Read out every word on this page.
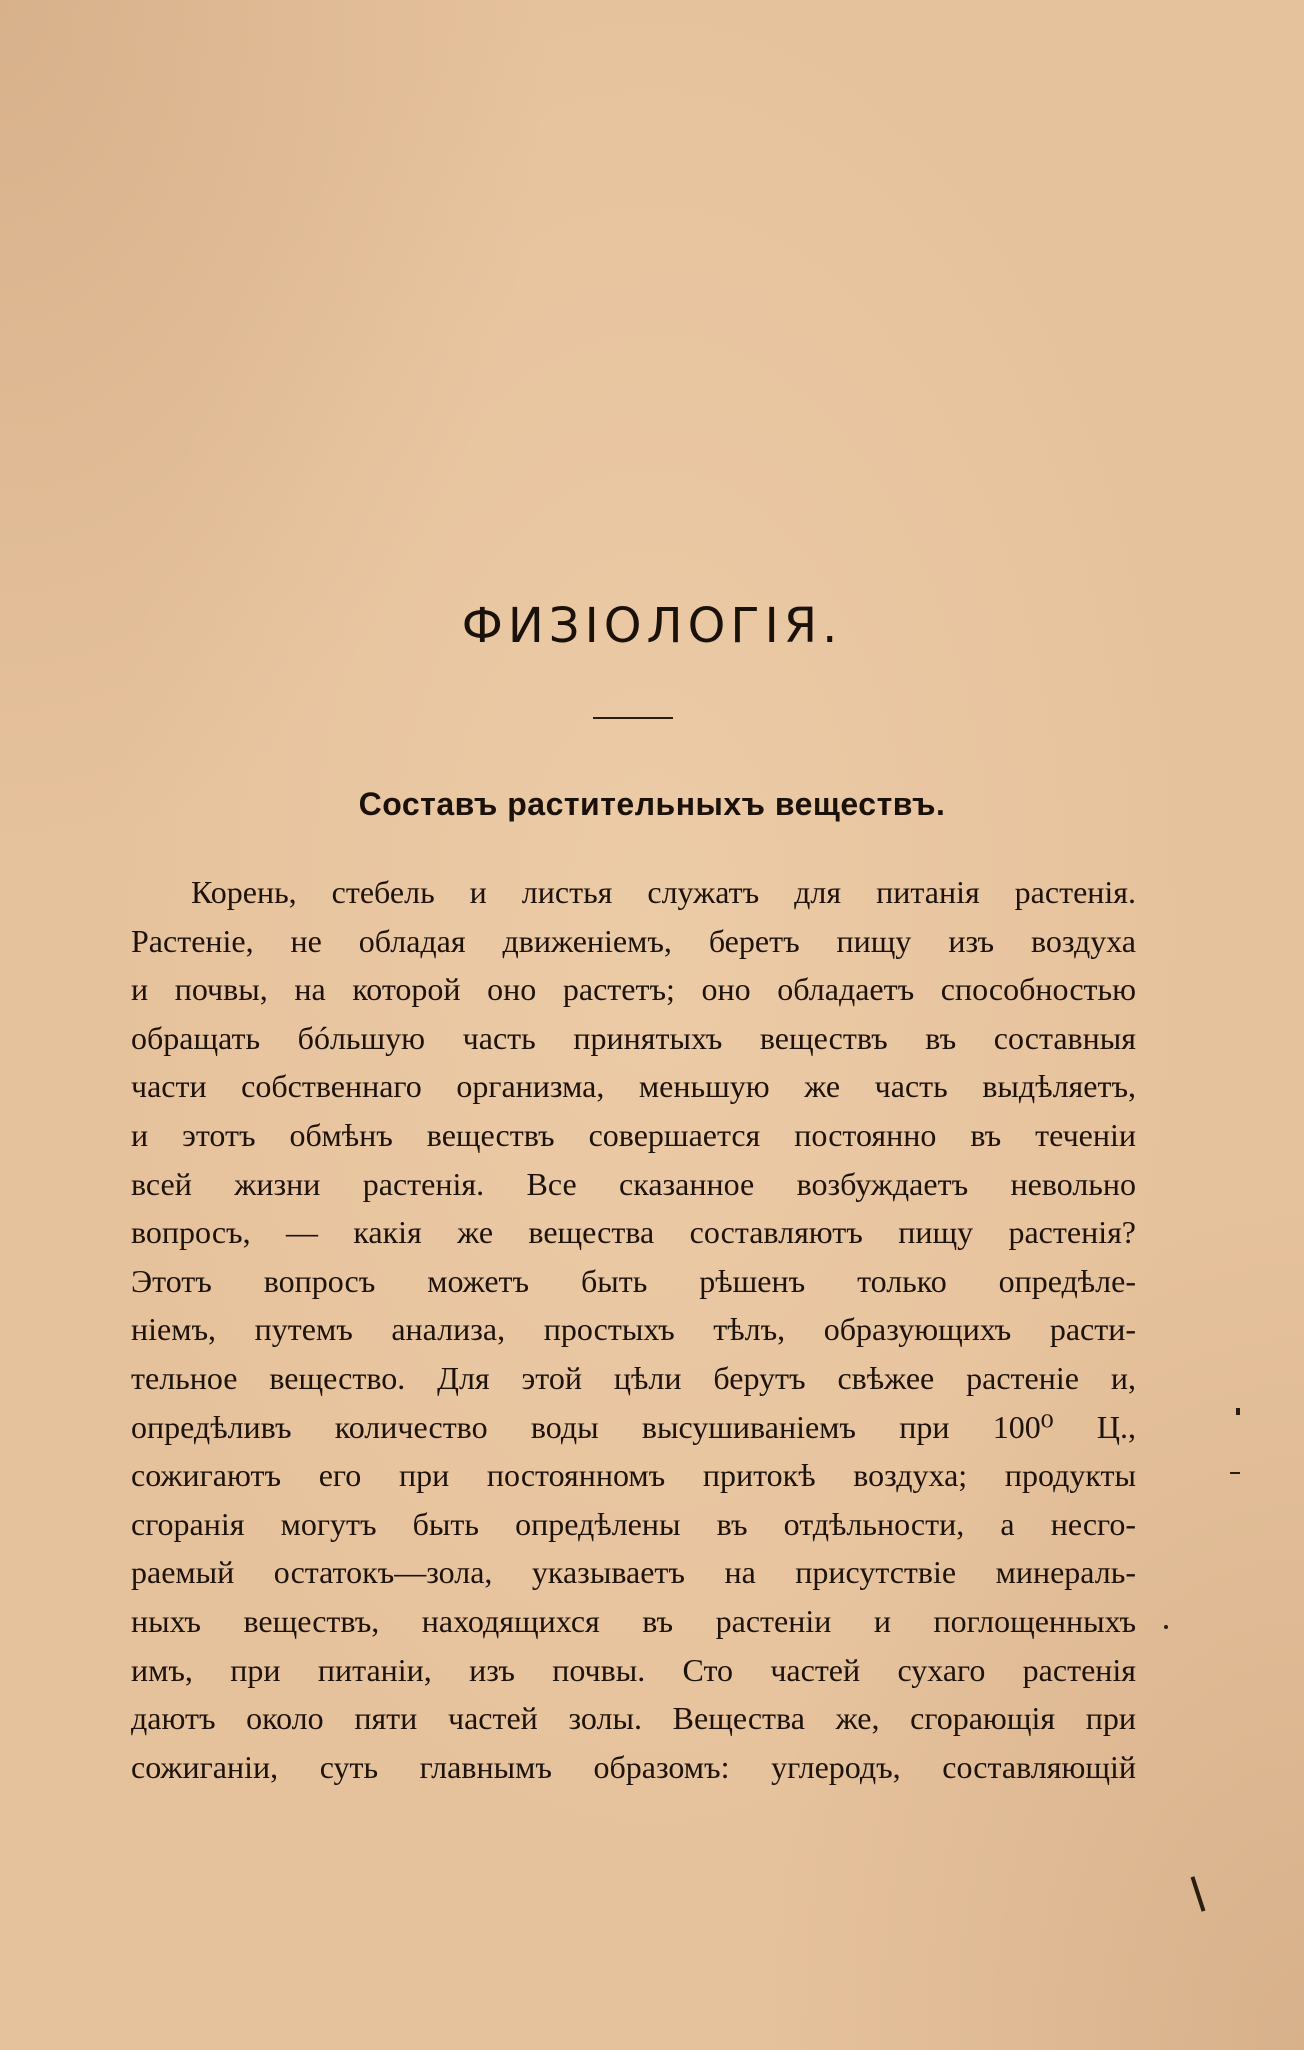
ФИЗІОЛОГІЯ.
Составъ растительныхъ веществъ.
Корень, стебель и листья служатъ для питанія растенія.
Растеніе, не обладая движеніемъ, беретъ пищу изъ воздуха
и почвы, на которой оно растетъ; оно обладаетъ способностью
обращать бóльшую часть принятыхъ веществъ въ составныя
части собственнаго организма, меньшую же часть выдѣляетъ,
и этотъ обмѣнъ веществъ совершается постоянно въ теченіи
всей жизни растенія. Все сказанное возбуждаетъ невольно
вопросъ, — какія же вещества составляютъ пищу растенія?
Этотъ вопросъ можетъ быть рѣшенъ только опредѣле-
ніемъ, путемъ анализа, простыхъ тѣлъ, образующихъ расти-
тельное вещество. Для этой цѣли берутъ свѣжее растеніе и,
опредѣливъ количество воды высушиваніемъ при 100⁰ Ц.,
сожигаютъ его при постоянномъ притокѣ воздуха; продукты
сгоранія могутъ быть опредѣлены въ отдѣльности, а несго-
раемый остатокъ—зола, указываетъ на присутствіе минераль-
ныхъ веществъ, находящихся въ растеніи и поглощенныхъ
имъ, при питаніи, изъ почвы. Сто частей сухаго растенія
даютъ около пяти частей золы. Вещества же, сгорающія при
сожиганіи, суть главнымъ образомъ: углеродъ, составляющій
